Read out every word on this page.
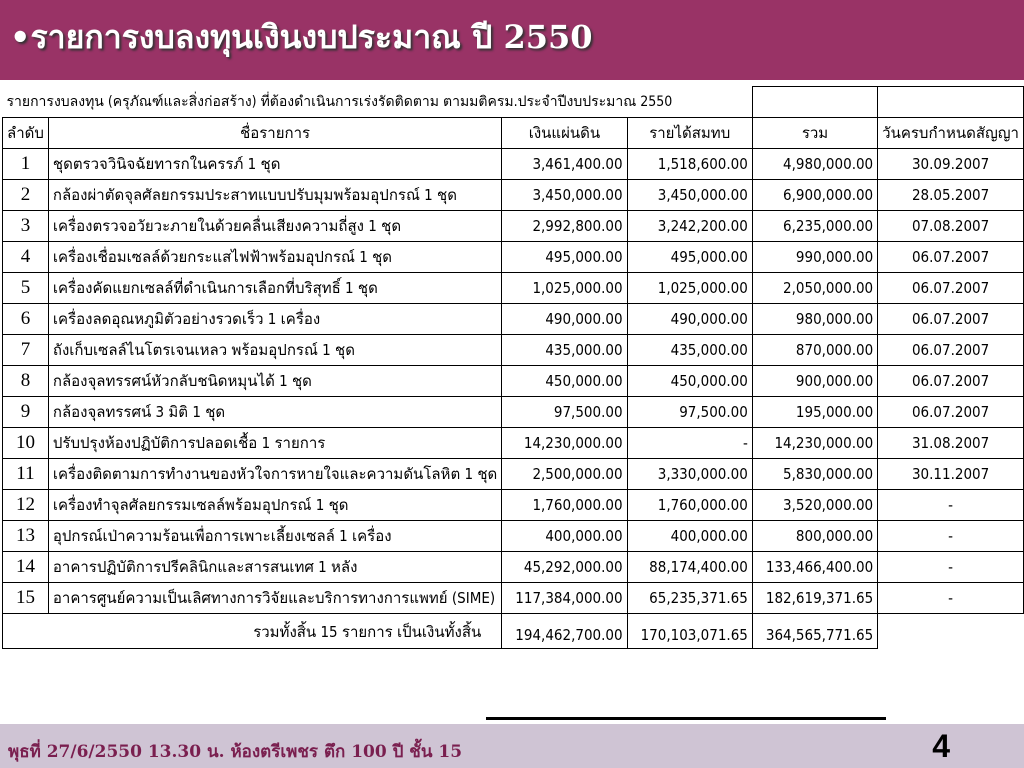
•รายการงบลงทุนเงินงบประมาณ ปี 2550
รายการงบลงทุน (ครุภัณฑ์และสิ่งก่อสร้าง) ที่ต้องดำเนินการเร่งรัดติดตาม ตามมติครม.ประจำปีงบประมาณ 2550					
ลำดับ	ชื่อรายการ	เงินแผ่นดิน	รายได้สมทบ	รวม	วันครบกำหนดสัญญา
1	ชุดตรวจวินิจฉัยทารกในครรภ์ 1 ชุด	3,461,400.00	1,518,600.00	4,980,000.00	30.09.2007
2	กล้องผ่าตัดจุลศัลยกรรมประสาทแบบปรับมุมพร้อมอุปกรณ์ 1 ชุด	3,450,000.00	3,450,000.00	6,900,000.00	28.05.2007
3	เครื่องตรวจอวัยวะภายในด้วยคลื่นเสียงความถี่สูง 1 ชุด	2,992,800.00	3,242,200.00	6,235,000.00	07.08.2007
4	เครื่องเชื่อมเซลล์ด้วยกระแสไฟฟ้าพร้อมอุปกรณ์ 1 ชุด	495,000.00	495,000.00	990,000.00	06.07.2007
5	เครื่องคัดแยกเซลล์ที่ดำเนินการเลือกที่บริสุทธิ์ 1 ชุด	1,025,000.00	1,025,000.00	2,050,000.00	06.07.2007
6	เครื่องลดอุณหภูมิตัวอย่างรวดเร็ว 1 เครื่อง	490,000.00	490,000.00	980,000.00	06.07.2007
7	ถังเก็บเซลล์ไนโตรเจนเหลว พร้อมอุปกรณ์ 1 ชุด	435,000.00	435,000.00	870,000.00	06.07.2007
8	กล้องจุลทรรศน์หัวกลับชนิดหมุนได้ 1 ชุด	450,000.00	450,000.00	900,000.00	06.07.2007
9	กล้องจุลทรรศน์ 3 มิติ 1 ชุด	97,500.00	97,500.00	195,000.00	06.07.2007
10	ปรับปรุงห้องปฏิบัติการปลอดเชื้อ 1 รายการ	14,230,000.00	-	14,230,000.00	31.08.2007
11	เครื่องติดตามการทำงานของหัวใจการหายใจและความดันโลหิต 1 ชุด	2,500,000.00	3,330,000.00	5,830,000.00	30.11.2007
12	เครื่องทำจุลศัลยกรรมเซลล์พร้อมอุปกรณ์ 1 ชุด	1,760,000.00	1,760,000.00	3,520,000.00	-
13	อุปกรณ์เป่าความร้อนเพื่อการเพาะเลี้ยงเซลล์ 1 เครื่อง	400,000.00	400,000.00	800,000.00	-
14	อาคารปฏิบัติการปรีคลินิกและสารสนเทศ 1 หลัง	45,292,000.00	88,174,400.00	133,466,400.00	-
15	อาคารศูนย์ความเป็นเลิศทางการวิจัยและบริการทางการแพทย์ (SIME)	117,384,000.00	65,235,371.65	182,619,371.65	-
รวมทั้งสิ้น 15 รายการ เป็นเงินทั้งสิ้น		194,462,700.00	170,103,071.65	364,565,771.65	
พุธที่ 27/6/2550 13.30 น. ห้องตรีเพชร ตึก 100 ปี ชั้น 15	4
